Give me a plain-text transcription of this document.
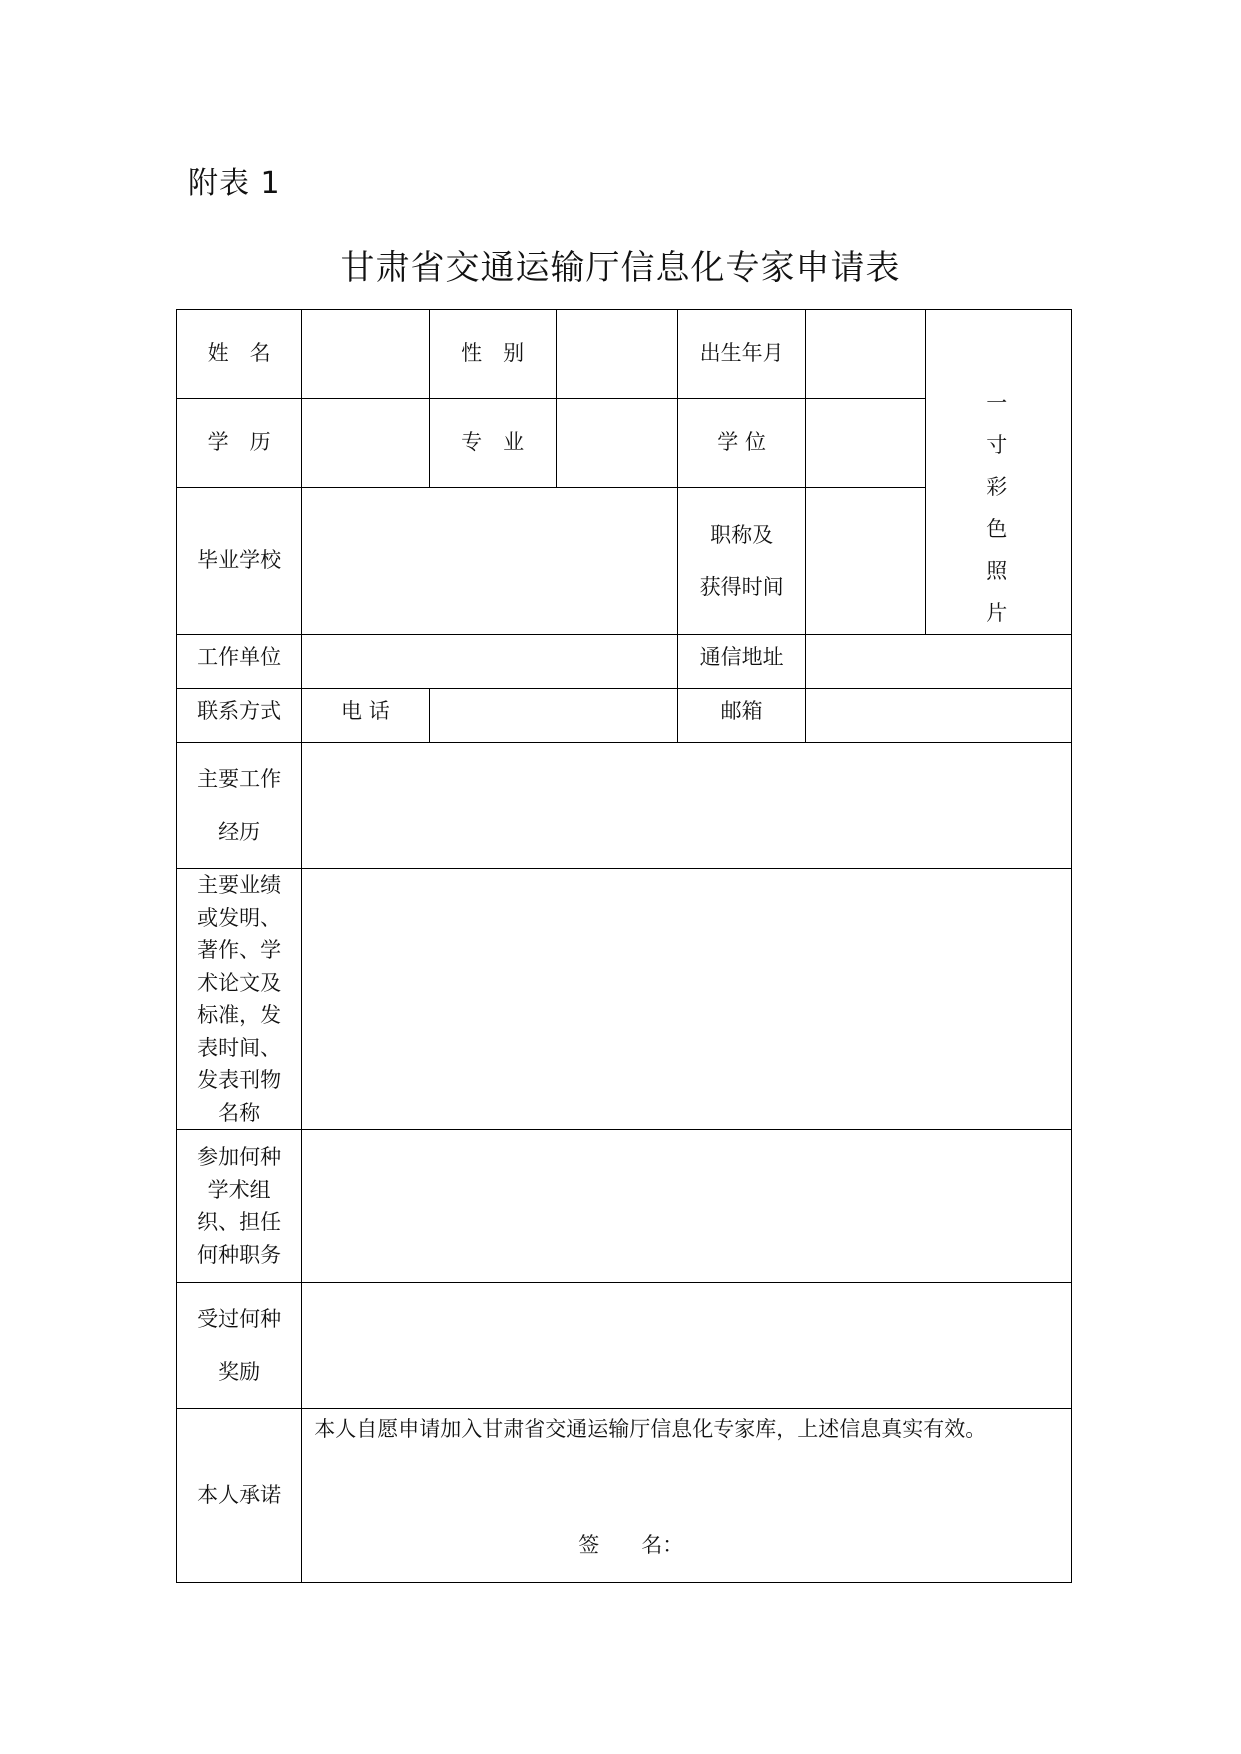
附表 1
甘肃省交通运输厅信息化专家申请表
姓　名		性　别		出生年月		一寸彩色照片
学　历		专　业		学 位		
毕业学校				职称及
获得时间		

工作单位				通信地址		
联系方式	电 话			邮箱		

主要工作
经历						

主要业绩或发明、著作、学术论文及标准，发表时间、发表刊物名称						
参加何种学术组织、担任何种职务						

受过何种
奖励						

本人承诺	本人自愿申请加入甘肃省交通运输厅信息化专家库，上述信息真实有效。
签　　名：					
